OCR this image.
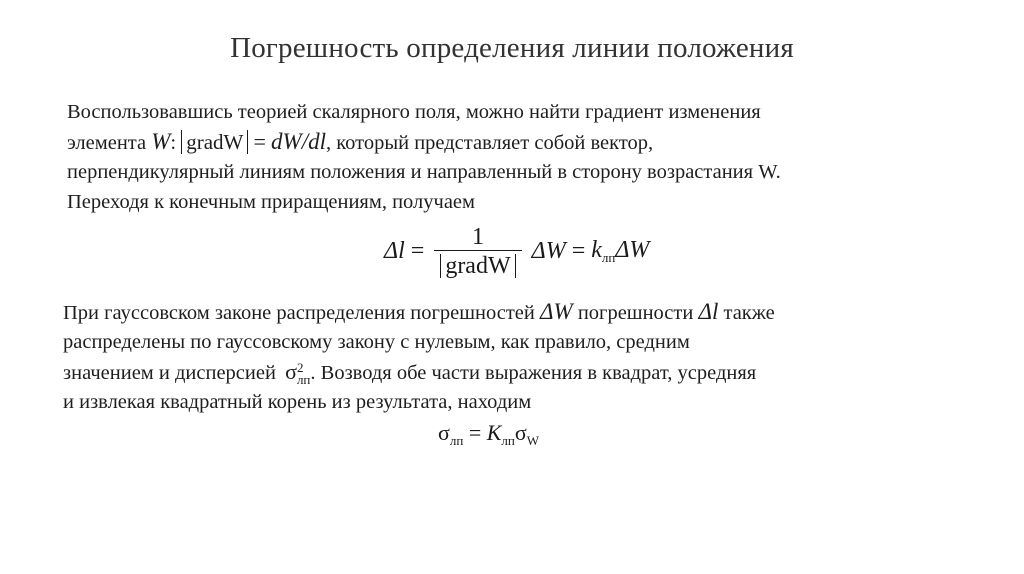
Погрешность определения линии положения
Воспользовавшись теорией скалярного поля, можно найти градиент изменения
элемента W: gradW = dW/dl, который представляет собой вектор,
перпендикулярный линиям положения и направленный в сторону возрастания W.
Переходя к конечным приращениям, получаем
$\Delta l = \frac{1}{\text{gradW}}$ $\Delta W = k_{лп}\Delta W$
При гауссовском законе распределения погрешностей ΔW погрешности Δl также
распределены по гауссовскому закону с нулевым, как правило, средним
значением и дисперсией σ 2
лп . Возводя обе части выражения в квадрат, усредняя
и извлекая квадратный корень из результата, находим
$\sigma_{лп} = K_{лп}\sigma_W$
